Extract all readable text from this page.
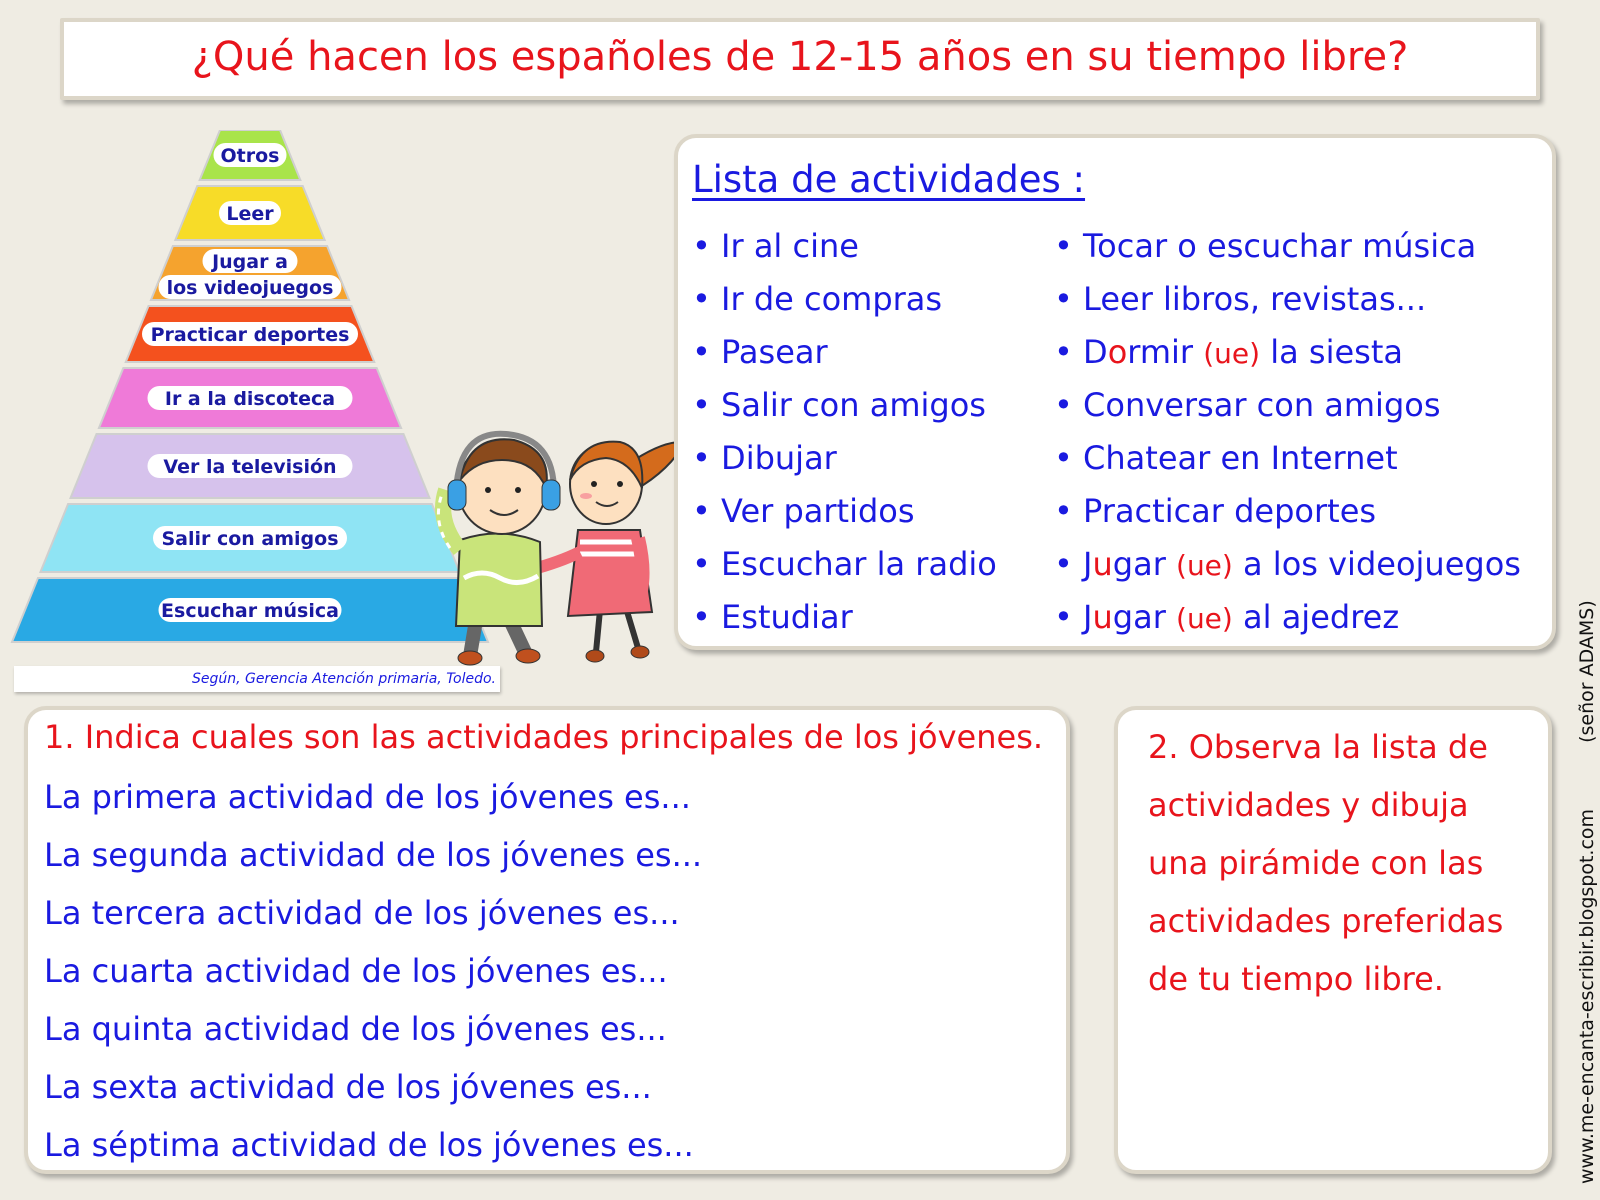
¿Qué hacen los españoles de 12-15 años en su tiempo libre?
Otros
Leer
Jugar a
los videojuegos
Practicar deportes
Ir a la discoteca
Ver la televisión
Salir con amigos
Escuchar música
Según, Gerencia Atención primaria, Toledo.
Lista de actividades :
• Ir al cine
• Ir de compras
• Pasear
• Salir con amigos
• Dibujar
• Ver partidos
• Escuchar la radio
• Estudiar
• Tocar o escuchar música
• Leer libros, revistas...
• Dormir (ue) la siesta
• Conversar con amigos
• Chatear en Internet
• Practicar deportes
• Jugar (ue) a los videojuegos
• Jugar (ue) al ajedrez
1. Indica cuales son las actividades principales de los jóvenes.
La primera actividad de los jóvenes es...
La segunda actividad de los jóvenes es...
La tercera actividad de los jóvenes es...
La cuarta actividad de los jóvenes es...
La quinta actividad de los jóvenes es...
La sexta actividad de los jóvenes es...
La séptima actividad de los jóvenes es...
2. Observa la lista de
actividades y dibuja
una pirámide con las
actividades preferidas
de tu tiempo libre.	www.me-encanta-escribir.blogspot.com (señor ADAMS)
